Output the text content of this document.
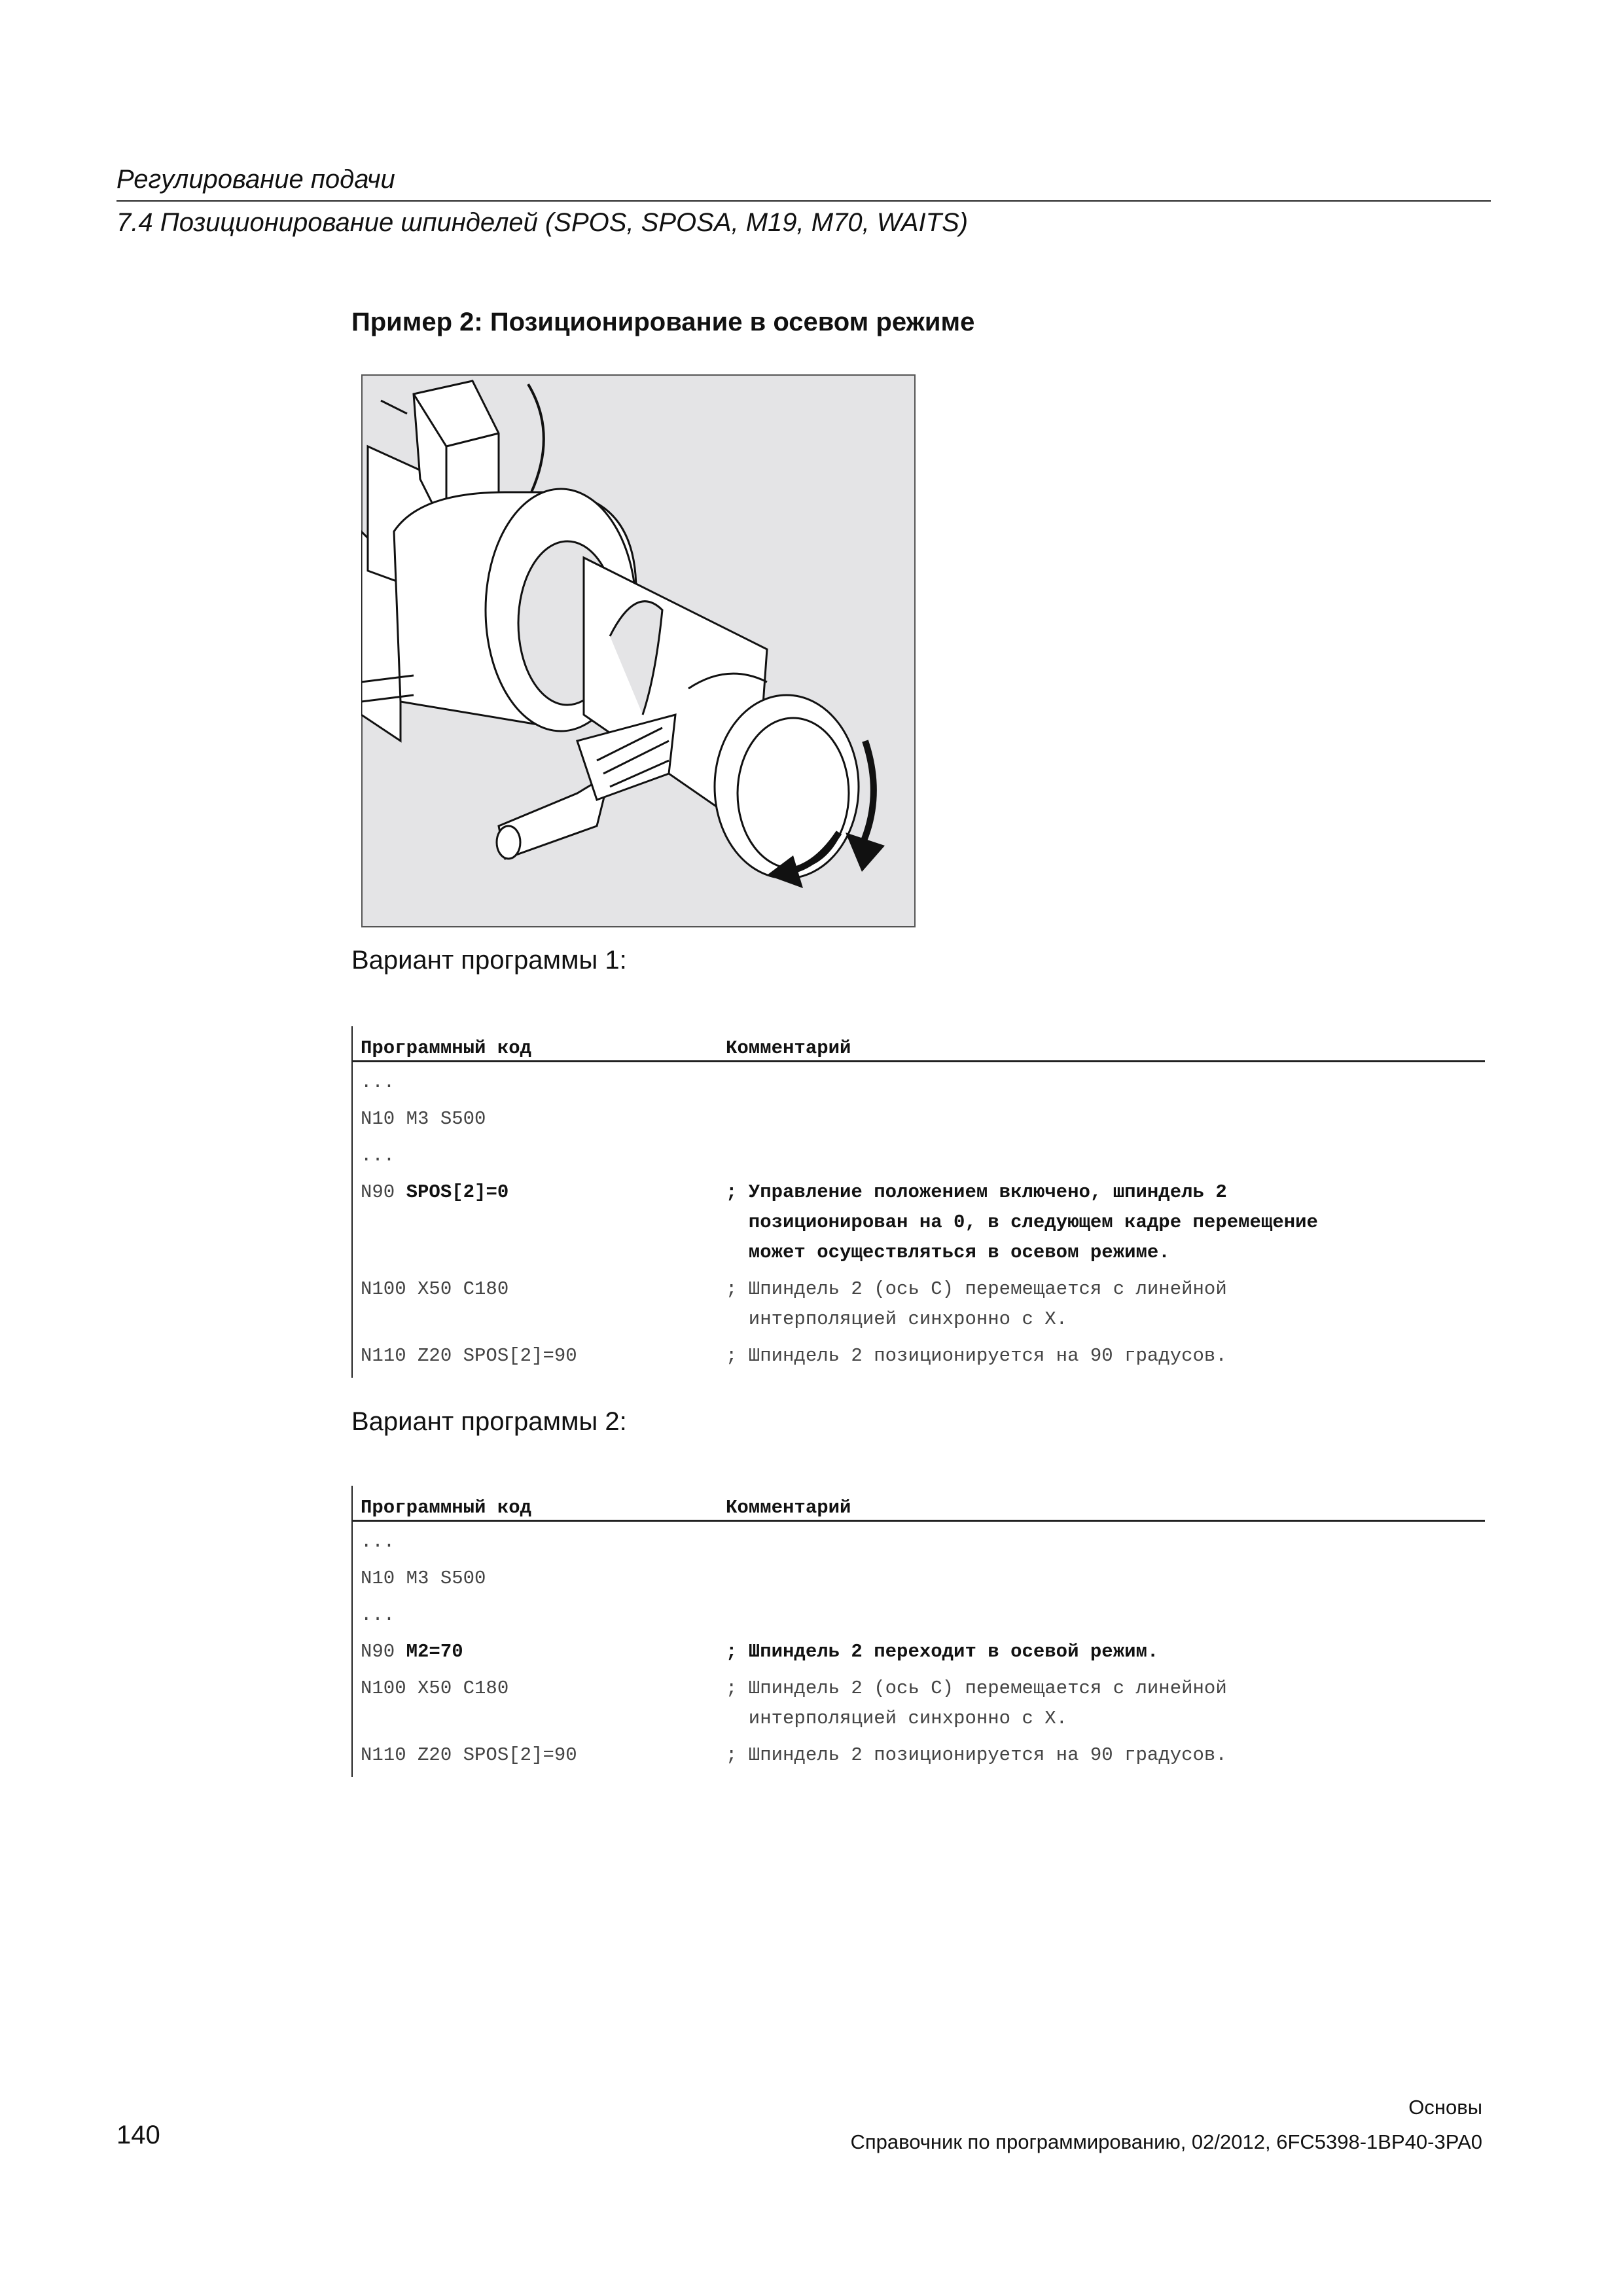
Регулирование подачи
7.4 Позиционирование шпинделей (SPOS, SPOSA, M19, M70, WAITS)
Пример 2: Позиционирование в осевом режиме
Вариант программы 1:
Программный код	Комментарий
...
N10 M3 S500
...
N90 SPOS[2]=0	; Управление положением включено, шпиндель 2
позиционирован на 0, в следующем кадре перемещение
может осуществляться в осевом режиме.
N100 X50 C180	; Шпиндель 2 (ось C) перемещается с линейной
интерполяцией синхронно с X.
N110 Z20 SPOS[2]=90	; Шпиндель 2 позиционируется на 90 градусов.
Вариант программы 2:
Программный код	Комментарий
...
N10 M3 S500
...
N90 M2=70	; Шпиндель 2 переходит в осевой режим.
N100 X50 C180	; Шпиндель 2 (ось C) перемещается с линейной
интерполяцией синхронно с X.
N110 Z20 SPOS[2]=90	; Шпиндель 2 позиционируется на 90 градусов.
Основы
Справочник по программированию, 02/2012, 6FC5398-1BP40-3PA0
140
